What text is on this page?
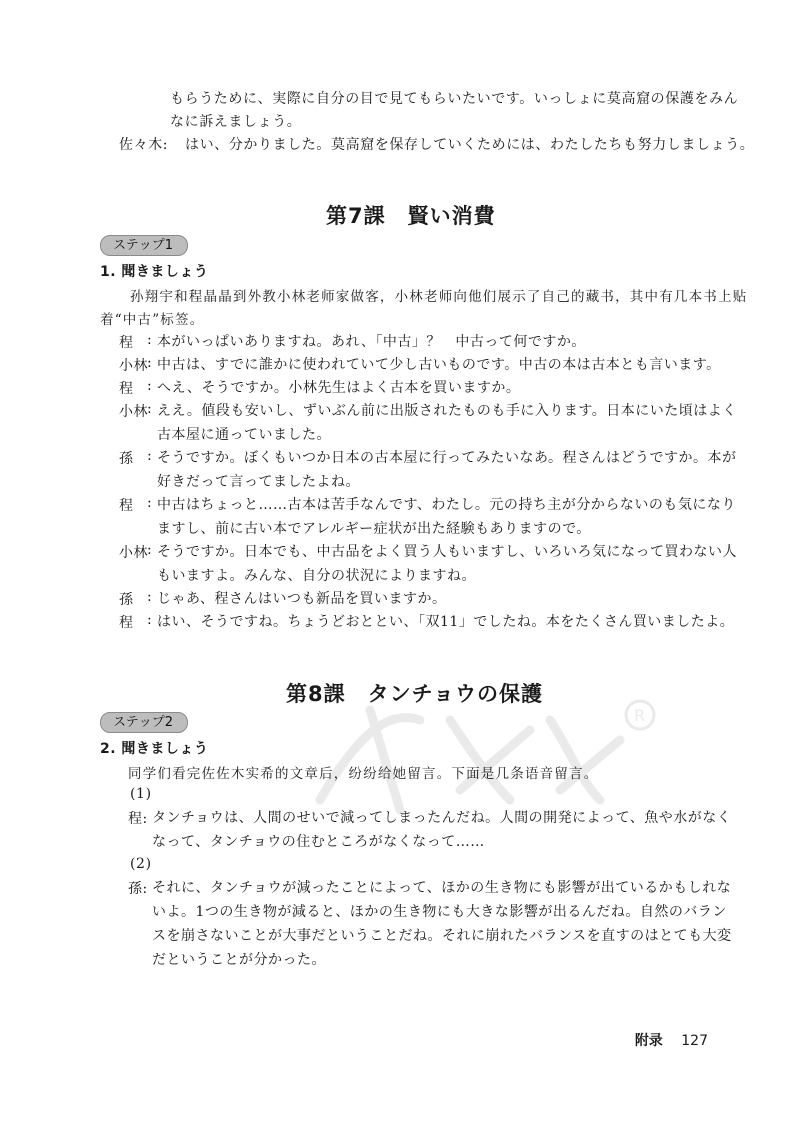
R
もらうために、実際に自分の目で見てもらいたいです。いっしょに莫高窟の保護をみん
なに訴えましょう。
佐々木: はい、分かりました。莫高窟を保存していくためには、わたしたちも努力しましょう。
第7課　賢い消費
ステップ1
1. 聞きましょう
孙翔宇和程晶晶到外教小林老师家做客，小林老师向他们展示了自己的藏书，其中有几本书上贴
着“中古”标签。
程 : 本がいっぱいありますね。あれ、「中古」？　中古って何ですか。
小林 : 中古は、すでに誰かに使われていて少し古いものです。中古の本は古本とも言います。
程 : へえ、そうですか。小林先生はよく古本を買いますか。
小林 : ええ。値段も安いし、ずいぶん前に出版されたものも手に入ります。日本にいた頃はよく
古本屋に通っていました。
孫 : そうですか。ぼくもいつか日本の古本屋に行ってみたいなあ。程さんはどうですか。本が
好きだって言ってましたよね。
程 : 中古はちょっと……古本は苦手なんです、わたし。元の持ち主が分からないのも気になり
ますし、前に古い本でアレルギー症状が出た経験もありますので。
小林 : そうですか。日本でも、中古品をよく買う人もいますし、いろいろ気になって買わない人
もいますよ。みんな、自分の状況によりますね。
孫 : じゃあ、程さんはいつも新品を買いますか。
程 : はい、そうですね。ちょうどおととい、「双11」でしたね。本をたくさん買いましたよ。
第8課　タンチョウの保護
ステップ2
2. 聞きましょう
同学们看完佐佐木实希的文章后，纷纷给她留言。下面是几条语音留言。
(1)
程: タンチョウは、人間のせいで減ってしまったんだね。人間の開発によって、魚や水がなく
なって、タンチョウの住むところがなくなって……
(2)
孫: それに、タンチョウが減ったことによって、ほかの生き物にも影響が出ているかもしれな
いよ。1つの生き物が減ると、ほかの生き物にも大きな影響が出るんだね。自然のバラン
スを崩さないことが大事だということだね。それに崩れたバランスを直すのはとても大変
だということが分かった。
附录 127
